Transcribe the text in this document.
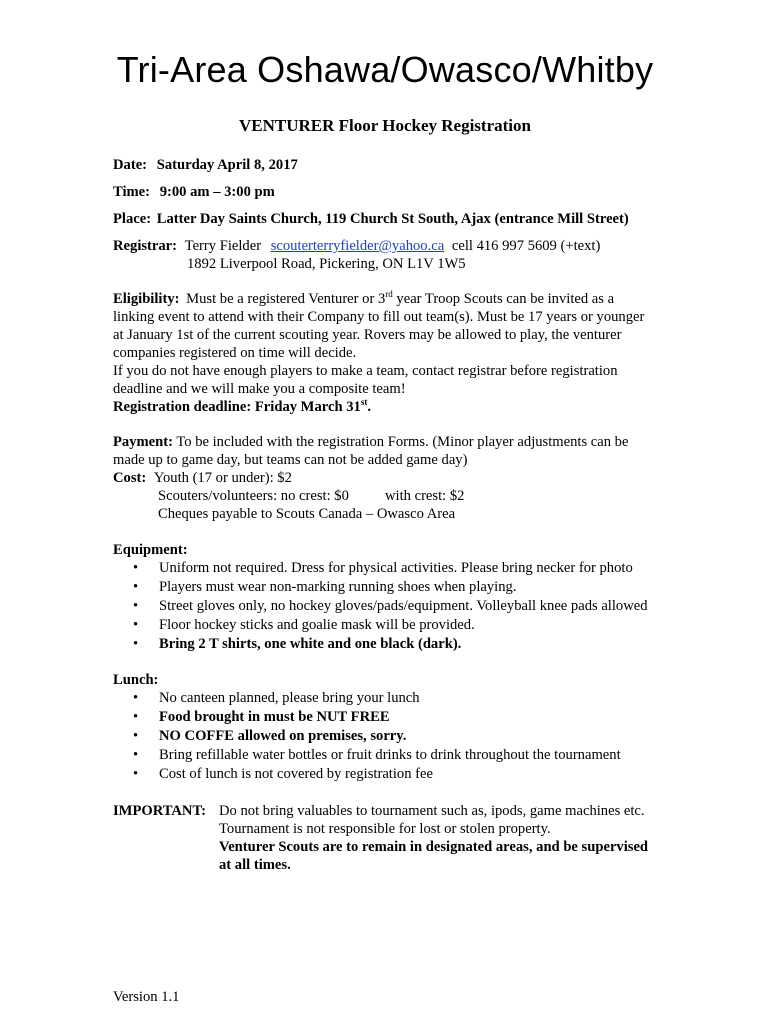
Tri-Area Oshawa/Owasco/Whitby
VENTURER Floor Hockey Registration
Date: Saturday April 8, 2017
Time: 9:00 am – 3:00 pm
Place: Latter Day Saints Church, 119 Church St South, Ajax (entrance Mill Street)
Registrar: Terry Fielder scouterterryfielder@yahoo.ca cell 416 997 5609 (+text)
1892 Liverpool Road, Pickering, ON L1V 1W5
Eligibility: Must be a registered Venturer or 3rd year Troop Scouts can be invited as a
linking event to attend with their Company to fill out team(s). Must be 17 years or younger
at January 1st of the current scouting year. Rovers may be allowed to play, the venturer
companies registered on time will decide.
If you do not have enough players to make a team, contact registrar before registration
deadline and we will make you a composite team!
Registration deadline: Friday March 31st.
Payment: To be included with the registration Forms. (Minor player adjustments can be
made up to game day, but teams can not be added game day)
Cost: Youth (17 or under): $2
Scouters/volunteers: no crest: $0 with crest: $2
Cheques payable to Scouts Canada – Owasco Area
Equipment:
• Uniform not required. Dress for physical activities. Please bring necker for photo
• Players must wear non-marking running shoes when playing.
• Street gloves only, no hockey gloves/pads/equipment. Volleyball knee pads allowed
• Floor hockey sticks and goalie mask will be provided.
• Bring 2 T shirts, one white and one black (dark).
Lunch:
• No canteen planned, please bring your lunch
• Food brought in must be NUT FREE
• NO COFFE allowed on premises, sorry.
• Bring refillable water bottles or fruit drinks to drink throughout the tournament
• Cost of lunch is not covered by registration fee
IMPORTANT: Do not bring valuables to tournament such as, ipods, game machines etc.
Tournament is not responsible for lost or stolen property.
Venturer Scouts are to remain in designated areas, and be supervised
at all times.
Version 1.1
